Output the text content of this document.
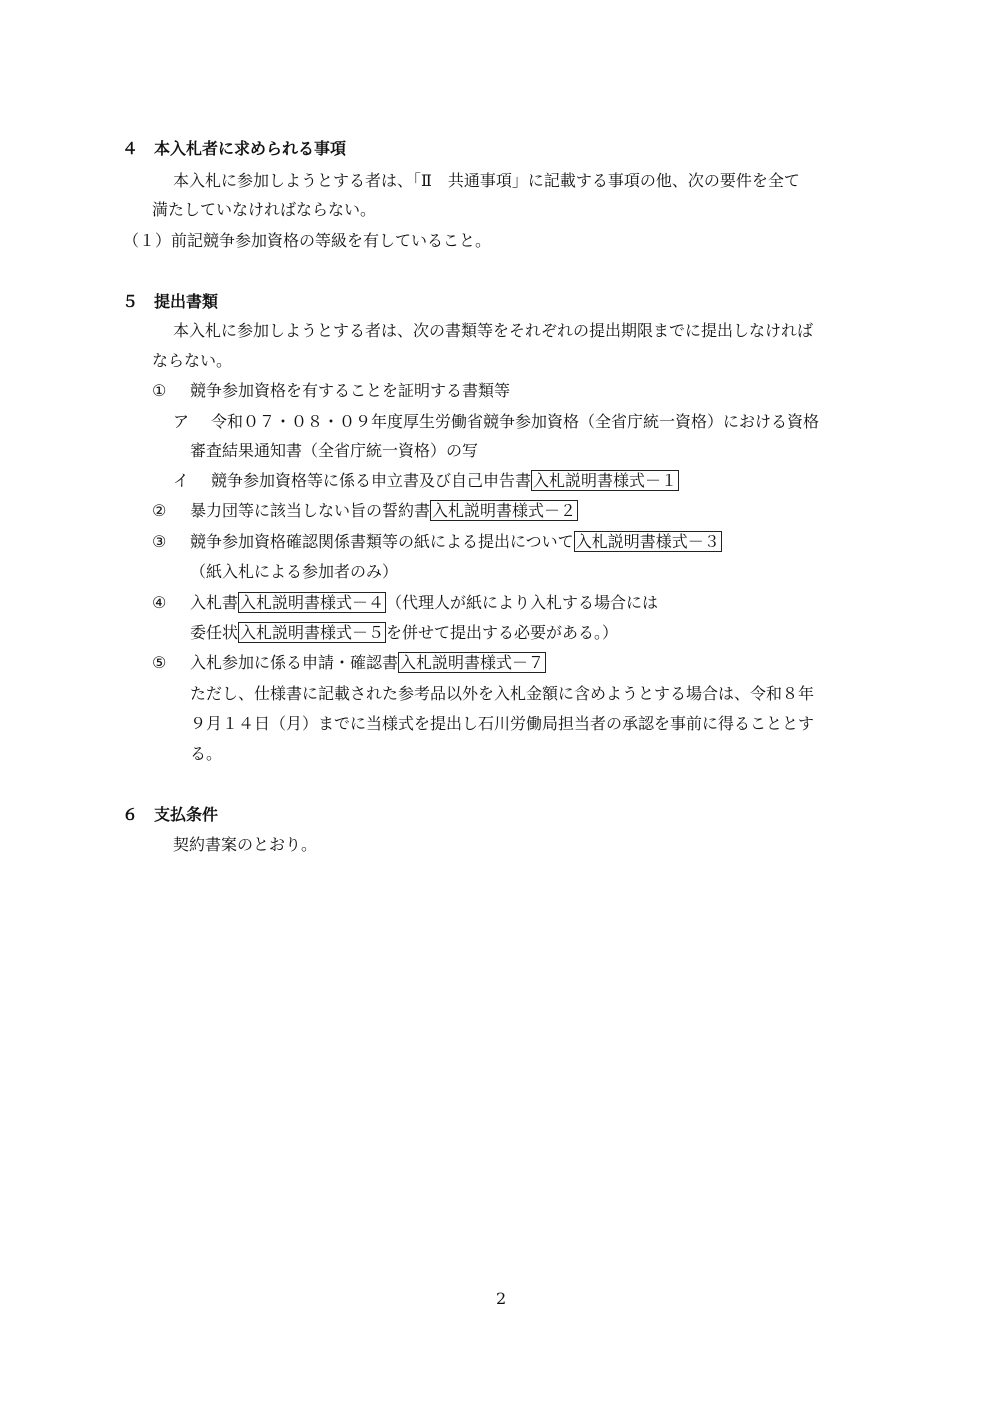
４ 本入札者に求められる事項
本入札に参加しようとする者は、「Ⅱ　共通事項」に記載する事項の他、次の要件を全て
満たしていなければならない。
（１）前記競争参加資格の等級を有していること。
５ 提出書類
本入札に参加しようとする者は、次の書類等をそれぞれの提出期限までに提出しなければ
ならない。
① 競争参加資格を有することを証明する書類等
ア 令和０７・０８・０９年度厚生労働省競争参加資格（全省庁統一資格）における資格
審査結果通知書（全省庁統一資格）の写
イ 競争参加資格等に係る申立書及び自己申告書 入札説明書様式－１
② 暴力団等に該当しない旨の誓約書 入札説明書様式－２
③ 競争参加資格確認関係書類等の紙による提出について 入札説明書様式－３
（紙入札による参加者のみ）
④ 入札書 入札説明書様式－４ （代理人が紙により入札する場合には
委任状 入札説明書様式－５ を併せて提出する必要がある。）
⑤ 入札参加に係る申請・確認書 入札説明書様式－７
ただし、仕様書に記載された参考品以外を入札金額に含めようとする場合は、令和８年
９月１４日（月）までに当様式を提出し石川労働局担当者の承認を事前に得ることとす
る。
６ 支払条件
契約書案のとおり。
2
